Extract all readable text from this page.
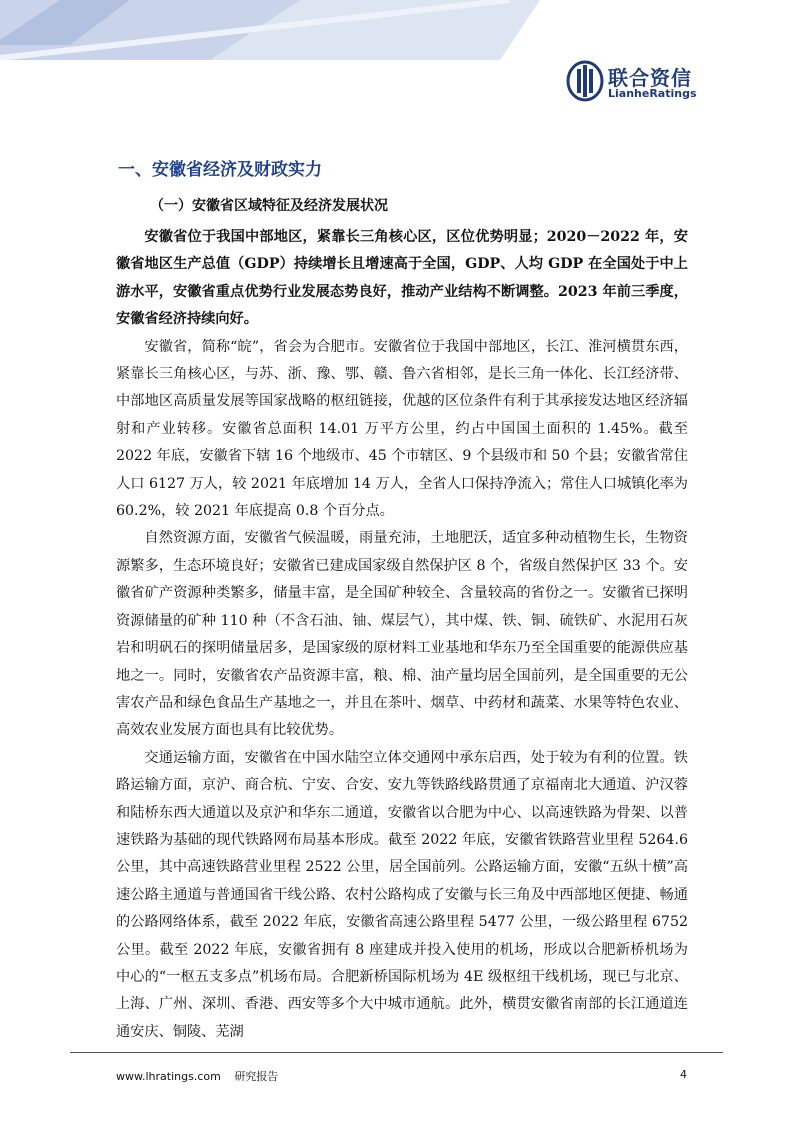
联合资信
LianheRatings
一、安徽省经济及财政实力
（一）安徽省区域特征及经济发展状况

安徽省位于我国中部地区，紧靠长三角核心区，区位优势明显；2020－2022 年，安徽省地区生产总值（GDP）持续增长且增速高于全国，GDP、人均 GDP 在全国处于中上游水平，安徽省重点优势行业发展态势良好，推动产业结构不断调整。2023 年前三季度，安徽省经济持续向好。

安徽省，简称“皖”，省会为合肥市。安徽省位于我国中部地区，长江、淮河横贯东西，紧靠长三角核心区，与苏、浙、豫、鄂、赣、鲁六省相邻，是长三角一体化、长江经济带、中部地区高质量发展等国家战略的枢纽链接，优越的区位条件有利于其承接发达地区经济辐射和产业转移。安徽省总面积 14.01 万平方公里，约占中国国土面积的 1.45%。截至 2022 年底，安徽省下辖 16 个地级市、45 个市辖区、9 个县级市和 50 个县；安徽省常住人口 6127 万人，较 2021 年底增加 14 万人，全省人口保持净流入；常住人口城镇化率为 60.2%，较 2021 年底提高 0.8 个百分点。

自然资源方面，安徽省气候温暖，雨量充沛，土地肥沃，适宜多种动植物生长，生物资源繁多，生态环境良好；安徽省已建成国家级自然保护区 8 个，省级自然保护区 33 个。安徽省矿产资源种类繁多，储量丰富，是全国矿种较全、含量较高的省份之一。安徽省已探明资源储量的矿种 110 种（不含石油、铀、煤层气），其中煤、铁、铜、硫铁矿、水泥用石灰岩和明矾石的探明储量居多，是国家级的原材料工业基地和华东乃至全国重要的能源供应基地之一。同时，安徽省农产品资源丰富，粮、棉、油产量均居全国前列，是全国重要的无公害农产品和绿色食品生产基地之一，并且在茶叶、烟草、中药材和蔬菜、水果等特色农业、高效农业发展方面也具有比较优势。

交通运输方面，安徽省在中国水陆空立体交通网中承东启西，处于较为有利的位置。铁路运输方面，京沪、商合杭、宁安、合安、安九等铁路线路贯通了京福南北大通道、沪汉蓉和陆桥东西大通道以及京沪和华东二通道，安徽省以合肥为中心、以高速铁路为骨架、以普速铁路为基础的现代铁路网布局基本形成。截至 2022 年底，安徽省铁路营业里程 5264.6 公里，其中高速铁路营业里程 2522 公里，居全国前列。公路运输方面，安徽“五纵十横”高速公路主通道与普通国省干线公路、农村公路构成了安徽与长三角及中西部地区便捷、畅通的公路网络体系，截至 2022 年底，安徽省高速公路里程 5477 公里，一级公路里程 6752 公里。截至 2022 年底，安徽省拥有 8 座建成并投入使用的机场，形成以合肥新桥机场为中心的“一枢五支多点”机场布局。合肥新桥国际机场为 4E 级枢纽干线机场，现已与北京、上海、广州、深圳、香港、西安等多个大中城市通航。此外，横贯安徽省南部的长江通道连通安庆、铜陵、芜湖

www.lhratings.com 研究报告	4
